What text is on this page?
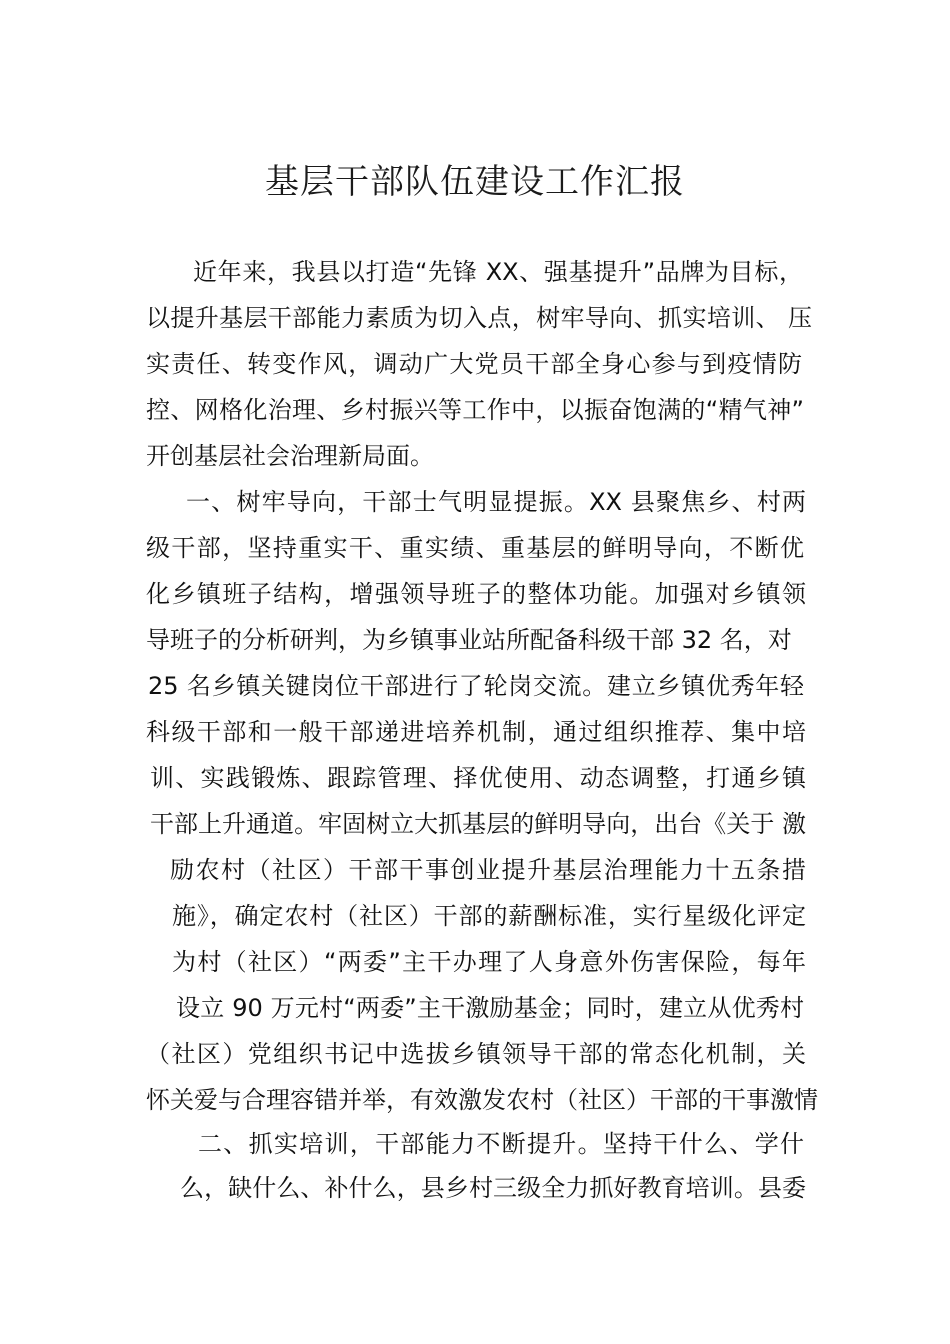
基层干部队伍建设工作汇报
近年来，我县以打造“先锋 XX、强基提升”品牌为目标，
以提升基层干部能力素质为切入点，树牢导向、抓实培训、 压
实责任、转变作风，调动广大党员干部全身心参与到疫情防
控、网格化治理、乡村振兴等工作中，以振奋饱满的“精气神”
开创基层社会治理新局面。
一、树牢导向，干部士气明显提振。XX 县聚焦乡、村两
级干部，坚持重实干、重实绩、重基层的鲜明导向，不断优
化乡镇班子结构，增强领导班子的整体功能。加强对乡镇领
导班子的分析研判，为乡镇事业站所配备科级干部 32 名，对
25 名乡镇关键岗位干部进行了轮岗交流。建立乡镇优秀年轻
科级干部和一般干部递进培养机制，通过组织推荐、集中培
训、实践锻炼、跟踪管理、择优使用、动态调整，打通乡镇
干部上升通道。牢固树立大抓基层的鲜明导向，出台《关于 激
励农村（社区）干部干事创业提升基层治理能力十五条措
施》，确定农村（社区）干部的薪酬标准，实行星级化评定
为村（社区）“两委”主干办理了人身意外伤害保险，每年
设立 90 万元村“两委”主干激励基金；同时，建立从优秀村
（社区）党组织书记中选拔乡镇领导干部的常态化机制，关
怀关爱与合理容错并举，有效激发农村（社区）干部的干事激情
二、抓实培训，干部能力不断提升。坚持干什么、学什
么，缺什么、补什么，县乡村三级全力抓好教育培训。县委
